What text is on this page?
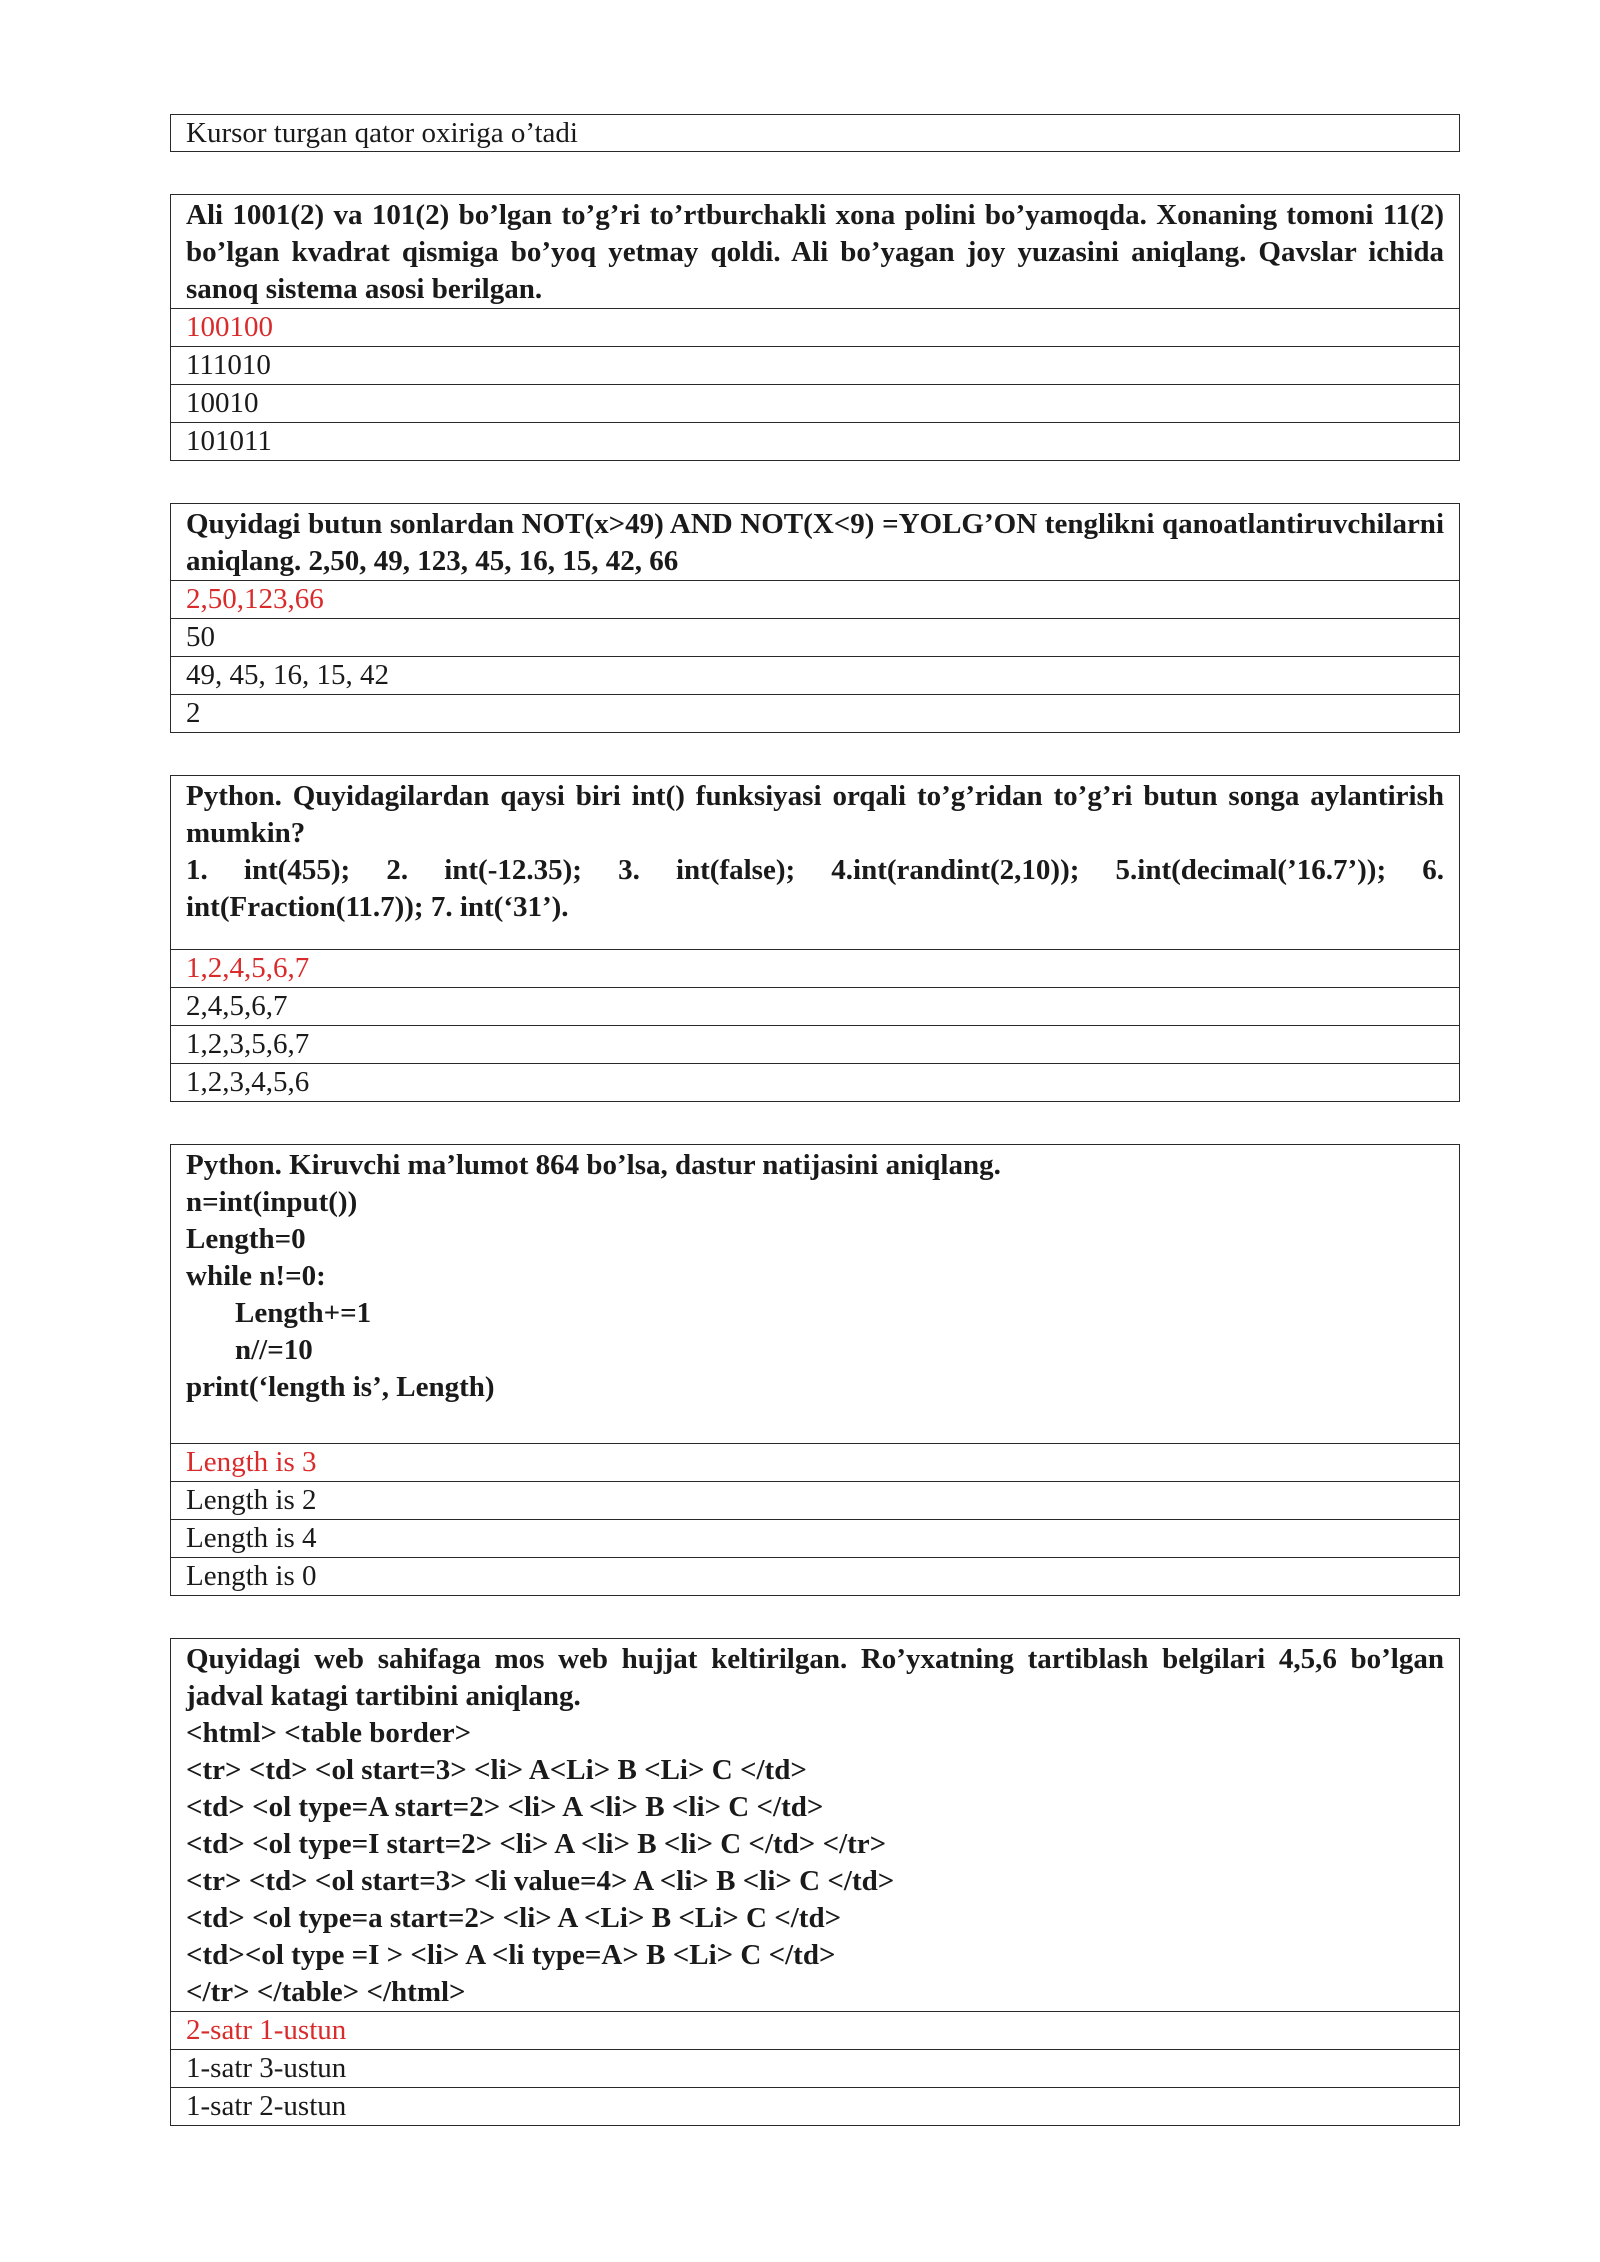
Kursor turgan qator oxiriga o’tadi
Ali 1001(2) va 101(2) bo’lgan to’g’ri to’rtburchakli xona polini bo’yamoqda. Xonaning tomoni 11(2) bo’lgan kvadrat qismiga bo’yoq yetmay qoldi. Ali bo’yagan joy yuzasini aniqlang. Qavslar ichida sanoq sistema asosi berilgan.
100100
111010
10010
101011
Quyidagi butun sonlardan NOT(x>49) AND NOT(X<9) =YOLG’ON tenglikni qanoatlantiruvchilarni aniqlang. 2,50, 49, 123, 45, 16, 15, 42, 66
2,50,123,66
50
49, 45, 16, 15, 42
2
Python. Quyidagilardan qaysi biri int() funksiyasi orqali to’g’ridan to’g’ri butun songa aylantirish mumkin?
1. int(455); 2. int(-12.35); 3. int(false); 4.int(randint(2,10)); 5.int(decimal(’16.7’)); 6. int(Fraction(11.7)); 7. int(‘31’).
1,2,4,5,6,7
2,4,5,6,7
1,2,3,5,6,7
1,2,3,4,5,6
Python. Kiruvchi ma’lumot 864 bo’lsa, dastur natijasini aniqlang.
n=int(input())
Length=0
while n!=0:
Length+=1
n//=10
print(‘length is’, Length)
Length is 3
Length is 2
Length is 4
Length is 0
Quyidagi web sahifaga mos web hujjat keltirilgan. Ro’yxatning tartiblash belgilari 4,5,6 bo’lgan jadval katagi tartibini aniqlang.
<html> <table border>
<tr> <td> <ol start=3> <li> A<Li> B <Li> C </td>
<td> <ol type=A start=2> <li> A <li> B <li> C </td>
<td> <ol type=I start=2> <li> A <li> B <li> C </td> </tr>
<tr> <td> <ol start=3> <li value=4> A <li> B <li> C </td>
<td> <ol type=a start=2> <li> A <Li> B <Li> C </td>
<td><ol type =I > <li> A <li type=A> B <Li> C </td>
</tr> </table> </html>
2-satr 1-ustun
1-satr 3-ustun
1-satr 2-ustun
